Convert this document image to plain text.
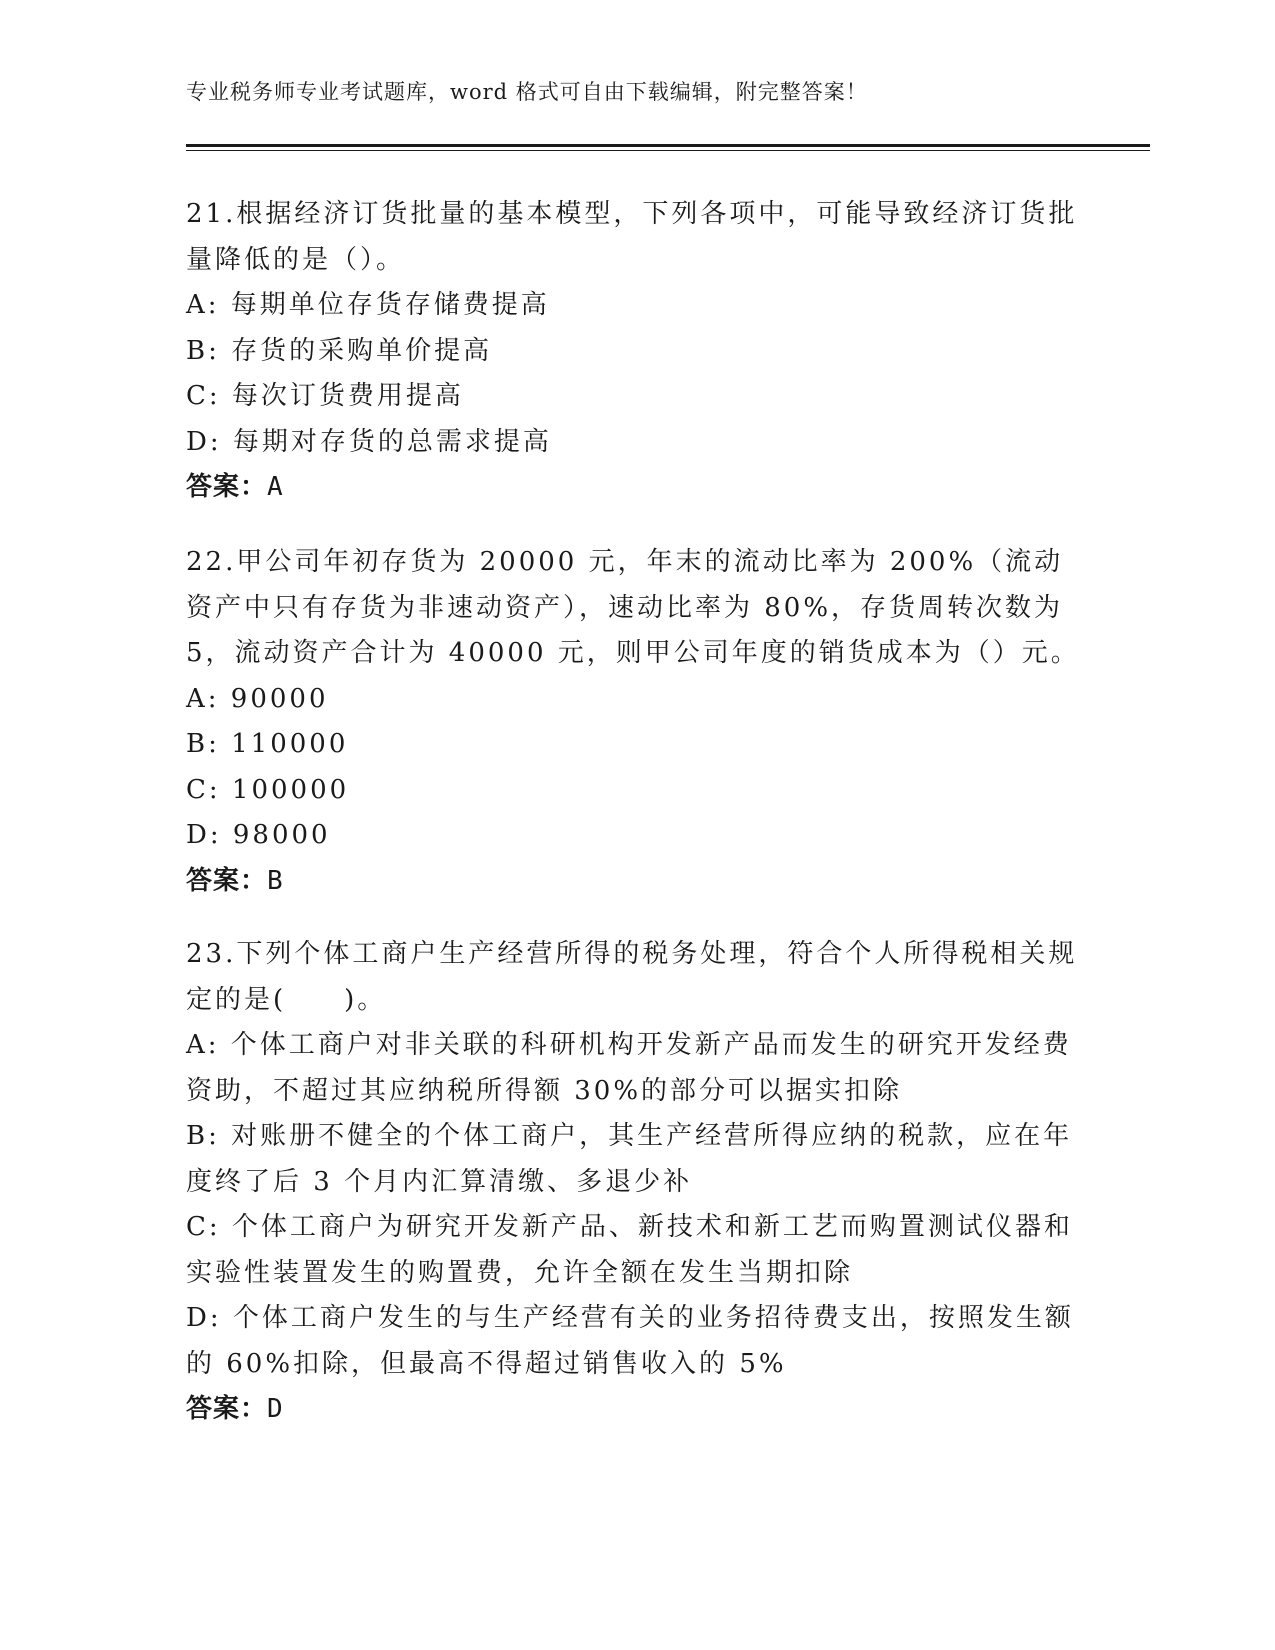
专业税务师专业考试题库，word 格式可自由下载编辑，附完整答案！

21.根据经济订货批量的基本模型，下列各项中，可能导致经济订货批量降低的是（）。

A: 每期单位存货存储费提高

B: 存货的采购单价提高

C: 每次订货费用提高

D: 每期对存货的总需求提高

答案：A

22.甲公司年初存货为 20000 元，年末的流动比率为 200%（流动资产中只有存货为非速动资产），速动比率为 80%，存货周转次数为 5，流动资产合计为 40000 元，则甲公司年度的销货成本为（）元。

A: 90000

B: 110000

C: 100000

D: 98000

答案：B

23.下列个体工商户生产经营所得的税务处理，符合个人所得税相关规定的是(　　)。

A: 个体工商户对非关联的科研机构开发新产品而发生的研究开发经费资助，不超过其应纳税所得额 30%的部分可以据实扣除

B: 对账册不健全的个体工商户，其生产经营所得应纳的税款，应在年度终了后 3 个月内汇算清缴、多退少补

C: 个体工商户为研究开发新产品、新技术和新工艺而购置测试仪器和实验性装置发生的购置费，允许全额在发生当期扣除

D: 个体工商户发生的与生产经营有关的业务招待费支出，按照发生额的 60%扣除，但最高不得超过销售收入的 5%

答案：D
